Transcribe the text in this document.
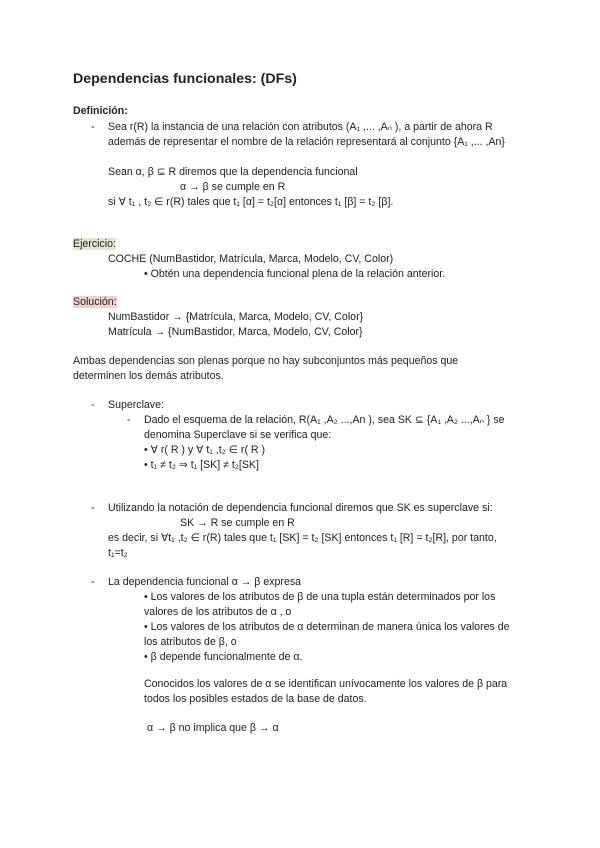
Dependencias funcionales: (DFs)
Definición:
- Sea r(R) la instancia de una relación con atributos (A₁ ,... ,Aₙ ), a partir de ahora R
además de representar el nombre de la relación representará al conjunto {A₁ ,... ,An}
Sean α, β ⊆ R diremos que la dependencia funcional
α → β se cumple en R
si ∀ t₁ , t₂ ∈ r(R) tales que t₁ [α] = t₂[α] entonces t₁ [β] = t₂ [β].
Ejercicio:
COCHE (NumBastidor, Matrícula, Marca, Modelo, CV, Color)
• Obtén una dependencia funcional plena de la relación anterior.
Solución:
NumBastidor → {Matrícula, Marca, Modelo, CV, Color}
Matrícula → {NumBastidor, Marca, Modelo, CV, Color}
Ambas dependencias son plenas porque no hay subconjuntos más pequeños que
determinen los demás atributos.
- Superclave:
- Dado el esquema de la relación, R(A₁ ,A₂ ...,An ), sea SK ⊆ {A₁ ,A₂ ...,Aₙ } se
denomina Superclave si se verifica que:
• ∀ r( R ) y ∀ t₁ ,t₂ ∈ r( R )
• t₁ ≠ t₂ ⇒ t₁ [SK] ≠ t₂[SK]
- Utilizando la notación de dependencia funcional diremos que SK es superclave si:
SK → R se cumple en R
es decir, si ∀t₁ ,t₂ ∈ r(R) tales que t₁ [SK] = t₂ [SK] entonces t₁ [R] = t₂[R], por tanto,
t₁=t₂
- La dependencia funcional α → β expresa
• Los valores de los atributos de β de una tupla están determinados por los
valores de los atributos de α , o
• Los valores de los atributos de α determinan de manera única los valores de
los atributos de β, o
• β depende funcionalmente de α.
Conocidos los valores de α se identifican unívocamente los valores de β para
todos los posibles estados de la base de datos.
α → β no implica que β → α
